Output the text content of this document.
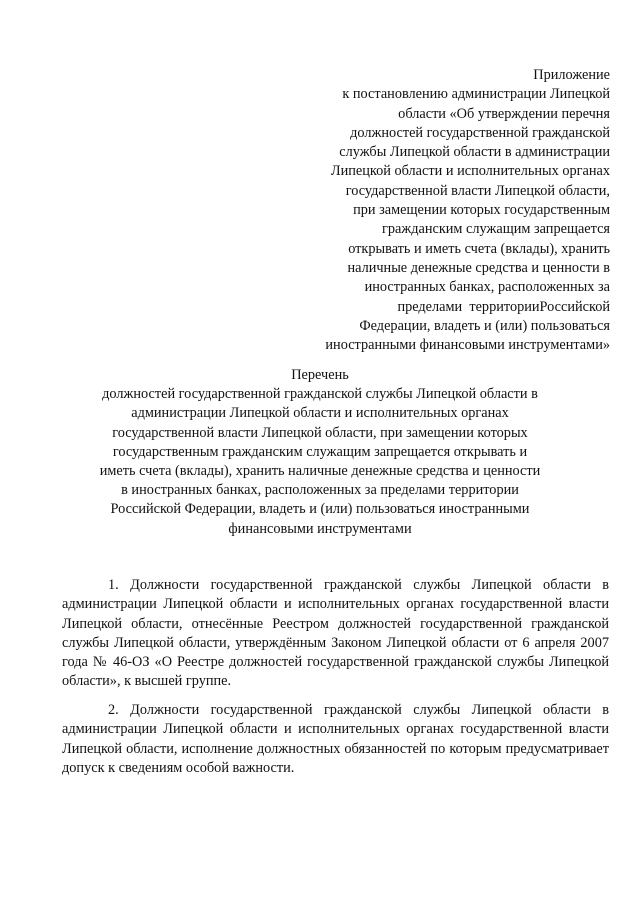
Приложение
к постановлению администрации Липецкой
области «Об утверждении перечня
должностей государственной гражданской
службы Липецкой области в администрации
Липецкой области и исполнительных органах
государственной власти Липецкой области,
при замещении которых государственным
гражданским служащим запрещается
открывать и иметь счета (вклады), хранить
наличные денежные средства и ценности в
иностранных банках, расположенных за
пределами  территорииРоссийской
Федерации, владеть и (или) пользоваться
иностранными финансовыми инструментами»
Перечень
должностей государственной гражданской службы Липецкой области в
администрации Липецкой области и исполнительных органах
государственной власти Липецкой области, при замещении которых
государственным гражданским служащим запрещается открывать и
иметь счета (вклады), хранить наличные денежные средства и ценности
в иностранных банках, расположенных за пределами территории
Российской Федерации, владеть и (или) пользоваться иностранными
финансовыми инструментами

1. Должности государственной гражданской службы Липецкой области в администрации Липецкой области и исполнительных органах государственной власти Липецкой области, отнесённые Реестром должностей государственной гражданской службы Липецкой области, утверждённым Законом Липецкой области от 6 апреля 2007 года № 46-ОЗ «О Реестре должностей государственной гражданской службы Липецкой области», к высшей группе.

2. Должности государственной гражданской службы Липецкой области в администрации Липецкой области и исполнительных органах государственной власти Липецкой области, исполнение должностных обязанностей по которым предусматривает допуск к сведениям особой важности.
